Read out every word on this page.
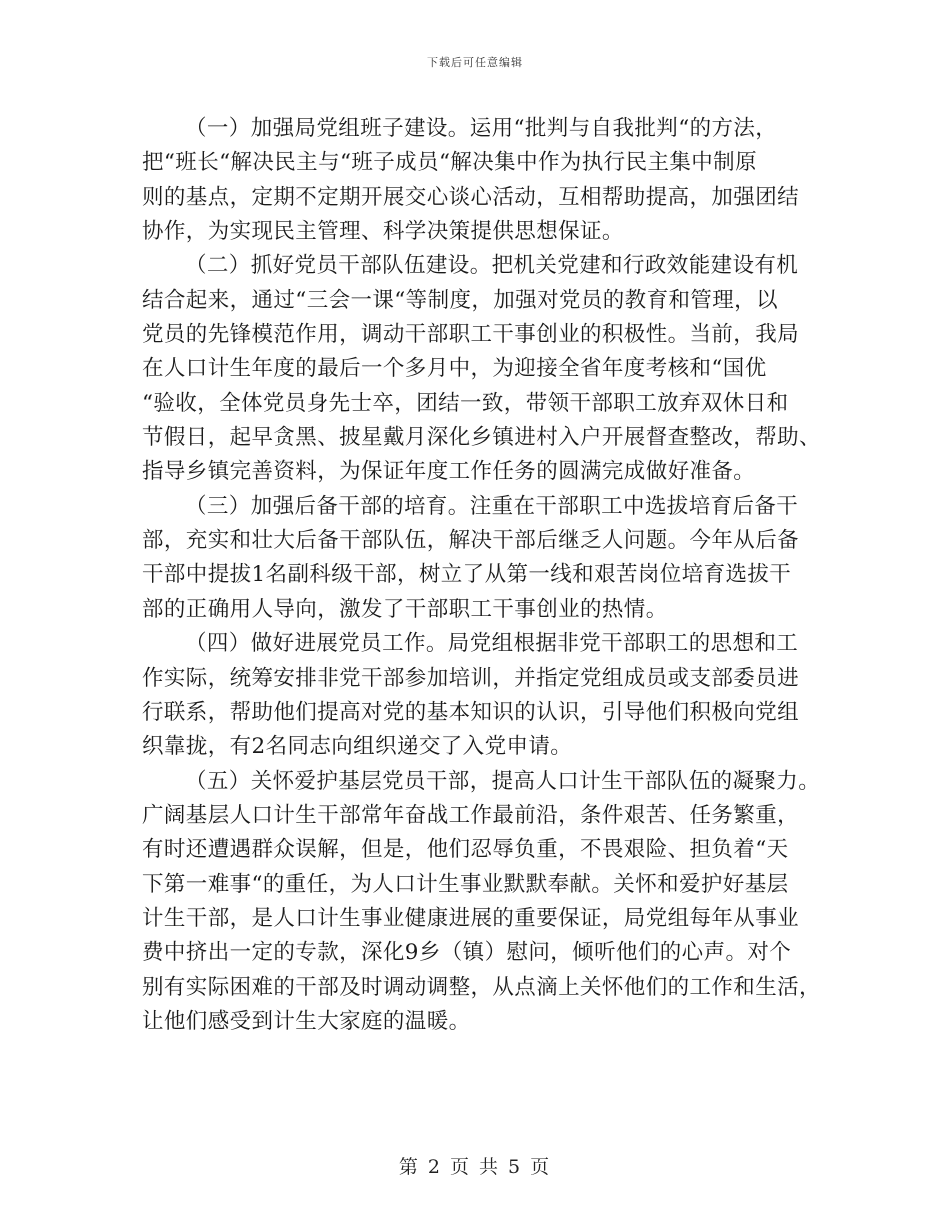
下载后可任意编辑
（一）加强局党组班子建设。运用“批判与自我批判“的方法，
把“班长“解决民主与“班子成员“解决集中作为执行民主集中制原
则的基点，定期不定期开展交心谈心活动，互相帮助提高，加强团结
协作，为实现民主管理、科学决策提供思想保证。
（二）抓好党员干部队伍建设。把机关党建和行政效能建设有机
结合起来，通过“三会一课“等制度，加强对党员的教育和管理，以
党员的先锋模范作用，调动干部职工干事创业的积极性。当前，我局
在人口计生年度的最后一个多月中，为迎接全省年度考核和“国优
“验收，全体党员身先士卒，团结一致，带领干部职工放弃双休日和
节假日，起早贪黑、披星戴月深化乡镇进村入户开展督查整改，帮助、
指导乡镇完善资料，为保证年度工作任务的圆满完成做好准备。
（三）加强后备干部的培育。注重在干部职工中选拔培育后备干
部，充实和壮大后备干部队伍，解决干部后继乏人问题。今年从后备
干部中提拔1名副科级干部，树立了从第一线和艰苦岗位培育选拔干
部的正确用人导向，激发了干部职工干事创业的热情。
（四）做好进展党员工作。局党组根据非党干部职工的思想和工
作实际，统筹安排非党干部参加培训，并指定党组成员或支部委员进
行联系，帮助他们提高对党的基本知识的认识，引导他们积极向党组
织靠拢，有2名同志向组织递交了入党申请。
（五）关怀爱护基层党员干部，提高人口计生干部队伍的凝聚力。
广阔基层人口计生干部常年奋战工作最前沿，条件艰苦、任务繁重，
有时还遭遇群众误解，但是，他们忍辱负重，不畏艰险、担负着“天
下第一难事“的重任，为人口计生事业默默奉献。关怀和爱护好基层
计生干部，是人口计生事业健康进展的重要保证，局党组每年从事业
费中挤出一定的专款，深化9乡（镇）慰问，倾听他们的心声。对个
别有实际困难的干部及时调动调整，从点滴上关怀他们的工作和生活，
让他们感受到计生大家庭的温暖。
第 2 页 共 5 页
